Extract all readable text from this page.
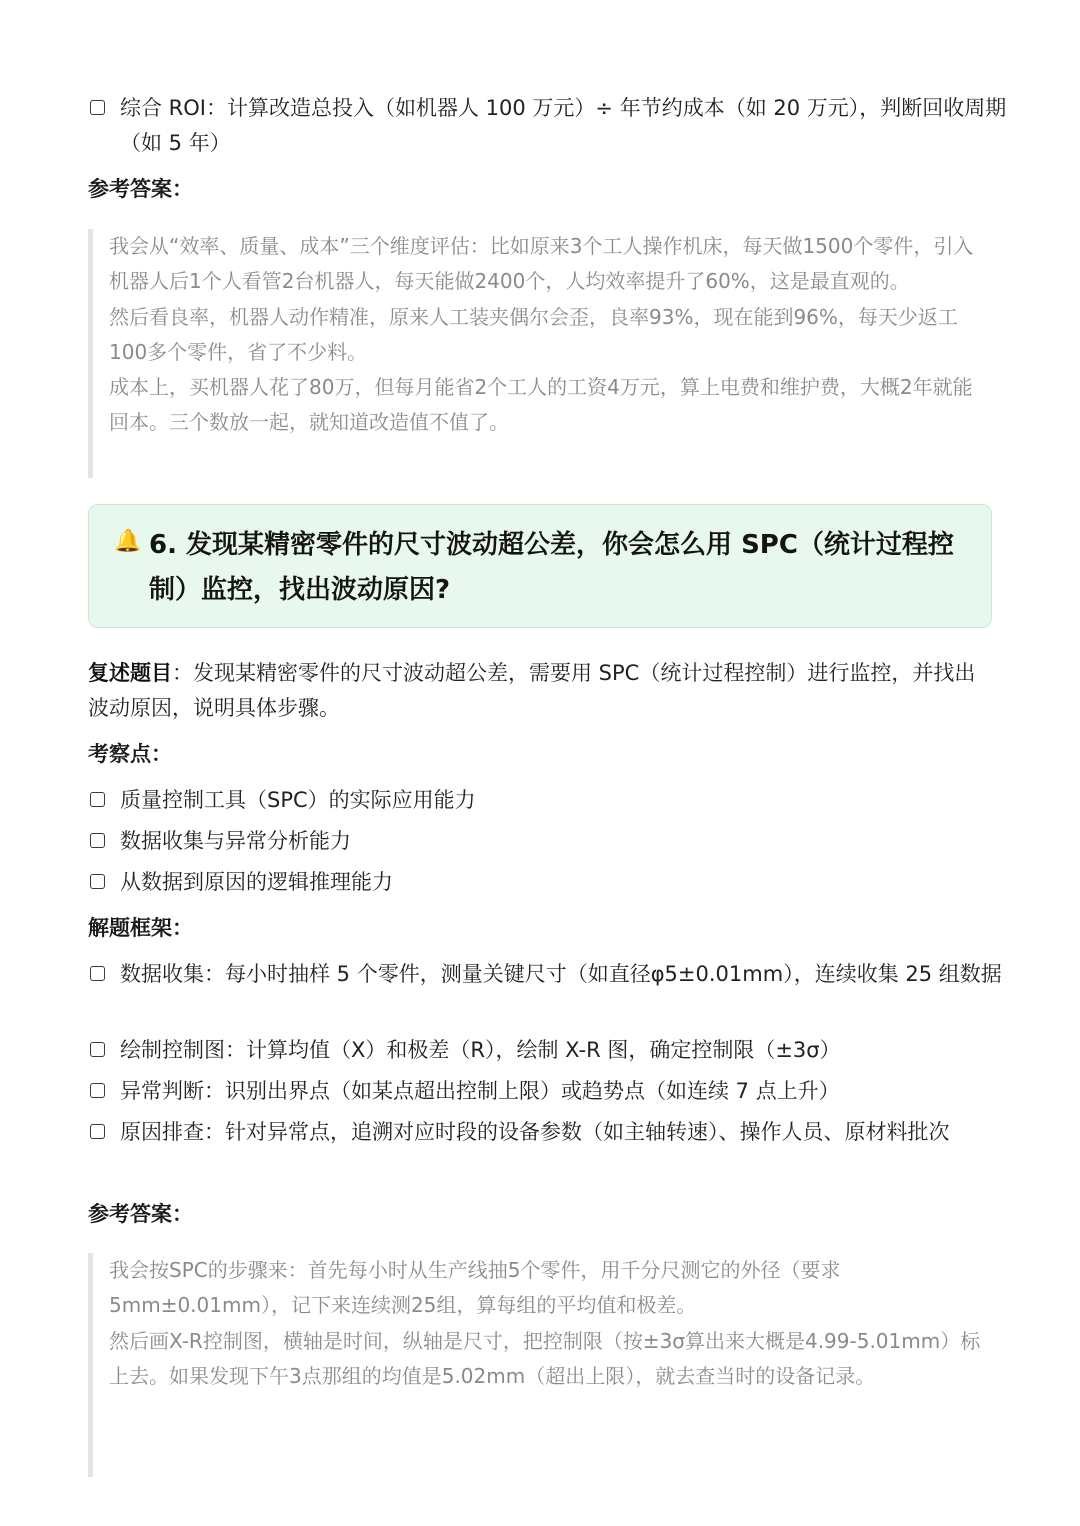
综合 ROI：计算改造总投入（如机器人 100 万元）÷ 年节约成本（如 20 万元），判断回收周期（如 5 年）
参考答案：

我会从“效率、质量、成本”三个维度评估：比如原来3个工人操作机床，每天做1500个零件，引入机器人后1个人看管2台机器人，每天能做2400个，人均效率提升了60%，这是最直观的。

然后看良率，机器人动作精准，原来人工装夹偶尔会歪，良率93%，现在能到96%，每天少返工100多个零件，省了不少料。

成本上，买机器人花了80万，但每月能省2个工人的工资4万元，算上电费和维护费，大概2年就能回本。三个数放一起，就知道改造值不值了。

🔔 6. 发现某精密零件的尺寸波动超公差，你会怎么用 SPC（统计过程控制）监控，找出波动原因?
复述题目：发现某精密零件的尺寸波动超公差，需要用 SPC（统计过程控制）进行监控，并找出波动原因，说明具体步骤。
考察点：
质量控制工具（SPC）的实际应用能力
数据收集与异常分析能力
从数据到原因的逻辑推理能力
解题框架：
数据收集：每小时抽样 5 个零件，测量关键尺寸（如直径φ5±0.01mm），连续收集 25 组数据
绘制控制图：计算均值（X）和极差（R），绘制 X-R 图，确定控制限（±3σ）
异常判断：识别出界点（如某点超出控制上限）或趋势点（如连续 7 点上升）
原因排查：针对异常点，追溯对应时段的设备参数（如主轴转速）、操作人员、原材料批次
参考答案：

我会按SPC的步骤来：首先每小时从生产线抽5个零件，用千分尺测它的外径（要求5mm±0.01mm），记下来连续测25组，算每组的平均值和极差。

然后画X-R控制图，横轴是时间，纵轴是尺寸，把控制限（按±3σ算出来大概是4.99-5.01mm）标上去。如果发现下午3点那组的均值是5.02mm（超出上限），就去查当时的设备记录。
